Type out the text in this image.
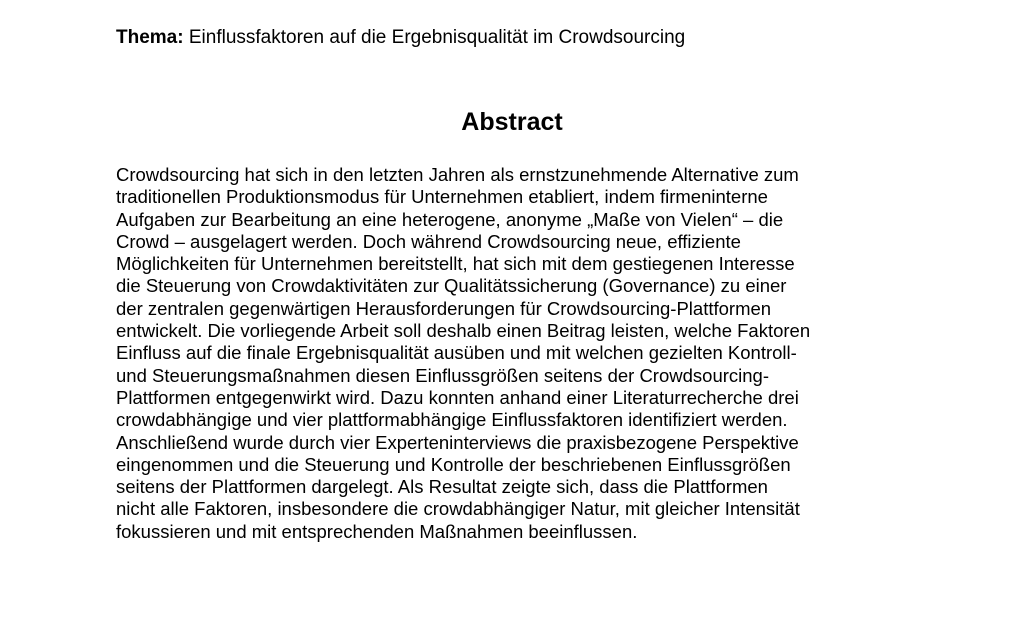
Thema: Einflussfaktoren auf die Ergebnisqualität im Crowdsourcing
Abstract
Crowdsourcing hat sich in den letzten Jahren als ernstzunehmende Alternative zum
traditionellen Produktionsmodus für Unternehmen etabliert, indem firmeninterne
Aufgaben zur Bearbeitung an eine heterogene, anonyme „Maße von Vielen“ – die
Crowd – ausgelagert werden. Doch während Crowdsourcing neue, effiziente
Möglichkeiten für Unternehmen bereitstellt, hat sich mit dem gestiegenen Interesse
die Steuerung von Crowdaktivitäten zur Qualitätssicherung (Governance) zu einer
der zentralen gegenwärtigen Herausforderungen für Crowdsourcing-Plattformen
entwickelt. Die vorliegende Arbeit soll deshalb einen Beitrag leisten, welche Faktoren
Einfluss auf die finale Ergebnisqualität ausüben und mit welchen gezielten Kontroll-
und Steuerungsmaßnahmen diesen Einflussgrößen seitens der Crowdsourcing-
Plattformen entgegenwirkt wird. Dazu konnten anhand einer Literaturrecherche drei
crowdabhängige und vier plattformabhängige Einflussfaktoren identifiziert werden.
Anschließend wurde durch vier Experteninterviews die praxisbezogene Perspektive
eingenommen und die Steuerung und Kontrolle der beschriebenen Einflussgrößen
seitens der Plattformen dargelegt. Als Resultat zeigte sich, dass die Plattformen
nicht alle Faktoren, insbesondere die crowdabhängiger Natur, mit gleicher Intensität
fokussieren und mit entsprechenden Maßnahmen beeinflussen.
